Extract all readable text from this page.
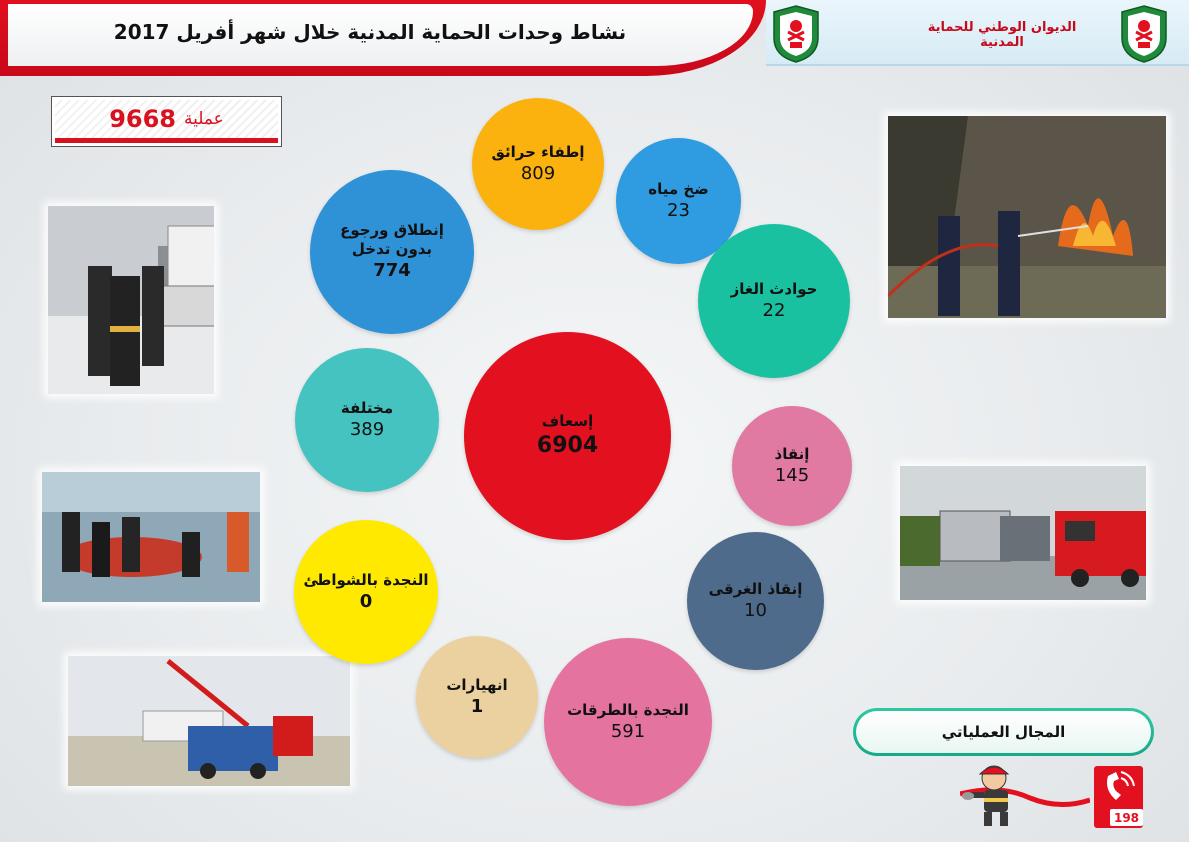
نشاط وحدات الحماية المدنية خلال شهر أفريل 2017	الديوان الوطني للحماية المدنية
عملية
9668
إسعاف
6904
إطفاء حرائق
809
ضخ مياه
23
حوادث الغاز
22
إنقاذ
145
إنقاذ الغرقى
10
النجدة بالطرقات
591
انهيارات
1
النجدة بالشواطئ
0
مختلفة
389
إنطلاق ورجوع بدون تدخل
774
المجال العملياتي
198
